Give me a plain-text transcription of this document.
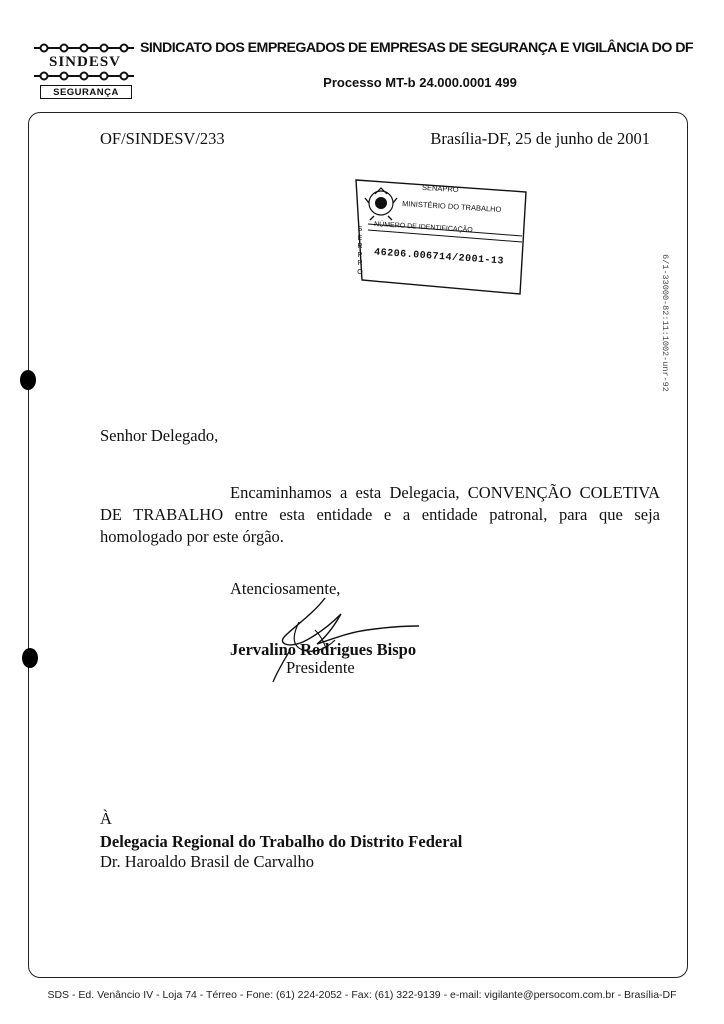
SINDESV
SEGURANÇA
SINDICATO DOS EMPREGADOS DE EMPRESAS DE SEGURANÇA E VIGILÂNCIA DO DF
Processo MT-b 24.000.0001 499
OF/SINDESV/233	Brasília-DF, 25 de junho de 2001
SENAPRO
MINISTÉRIO DO TRABALHO
NÚMERO DE IDENTIFICAÇÃO
46206.006714/2001-13
S
E
R
P
R
O	6/1-33000-82:11:1002-unr-92
Senhor Delegado,
Encaminhamos a esta Delegacia, CONVENÇÃO COLETIVA
DE TRABALHO entre esta entidade e a entidade patronal, para que seja
homologado por este órgão.
Atenciosamente,
Jervalino Rodrigues Bispo
Presidente
À
Delegacia Regional do Trabalho do Distrito Federal
Dr. Haroaldo Brasil de Carvalho
SDS - Ed. Venâncio IV - Loja 74 - Térreo - Fone: (61) 224-2052 - Fax: (61) 322-9139 - e-mail: vigilante@persocom.com.br - Brasília-DF
